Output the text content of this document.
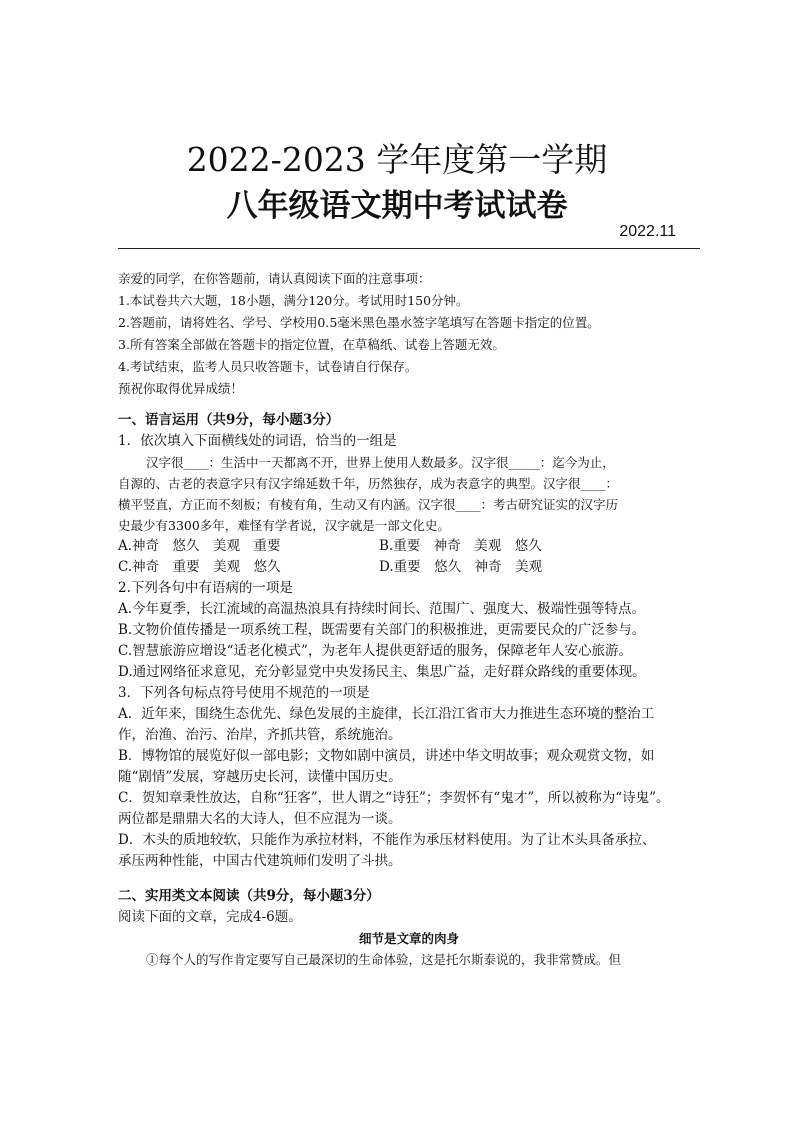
2022-2023 学年度第一学期
八年级语文期中考试试卷
2022.11
亲爱的同学，在你答题前，请认真阅读下面的注意事项：
1.本试卷共六大题，18小题，满分120分。考试用时150分钟。
2.答题前，请将姓名、学号、学校用0.5毫米黑色墨水签字笔填写在答题卡指定的位置。
3.所有答案全部做在答题卡的指定位置，在草稿纸、试卷上答题无效。
4.考试结束，监考人员只收答题卡，试卷请自行保存。
预祝你取得优异成绩！
一、语言运用（共9分，每小题3分）
1．依次填入下面横线处的词语，恰当的一组是
汉字很____：生活中一天都离不开，世界上使用人数最多。汉字很_____：迄今为止，
自源的、古老的表意字只有汉字绵延数千年，历然独存，成为表意字的典型。汉字很____：
横平竖直，方正而不刻板；有棱有角，生动又有内涵。汉字很____：考古研究证实的汉字历
史最少有3300多年，难怪有学者说，汉字就是一部文化史。
A.神奇　悠久　美观　重要	B.重要　神奇　美观　悠久
C.神奇　重要　美观　悠久	D.重要　悠久　神奇　美观
2.下列各句中有语病的一项是
A.今年夏季，长江流域的高温热浪具有持续时间长、范围广、强度大、极端性强等特点。
B.文物价值传播是一项系统工程，既需要有关部门的积极推进，更需要民众的广泛参与。
C.智慧旅游应增设“适老化模式”，为老年人提供更舒适的服务，保障老年人安心旅游。
D.通过网络征求意见，充分彰显党中央发扬民主、集思广益，走好群众路线的重要体现。
3．下列各句标点符号使用不规范的一项是
A．近年来，围绕生态优先、绿色发展的主旋律，长江沿江省市大力推进生态环境的整治工
作，治渔、治污、治岸，齐抓共管，系统施治。
B．博物馆的展览好似一部电影；文物如剧中演员，讲述中华文明故事；观众观赏文物，如
随“剧情”发展，穿越历史长河，读懂中国历史。
C．贺知章秉性放达，自称“狂客”，世人谓之“诗狂”；李贺怀有“鬼才”，所以被称为“诗鬼”。
两位都是鼎鼎大名的大诗人，但不应混为一谈。
D．木头的质地较软，只能作为承拉材料，不能作为承压材料使用。为了让木头具备承拉、
承压两种性能，中国古代建筑师们发明了斗拱。
二、实用类文本阅读（共9分，每小题3分）
阅读下面的文章，完成4-6题。
细节是文章的肉身
①每个人的写作肯定要写自己最深切的生命体验，这是托尔斯泰说的，我非常赞成。但
